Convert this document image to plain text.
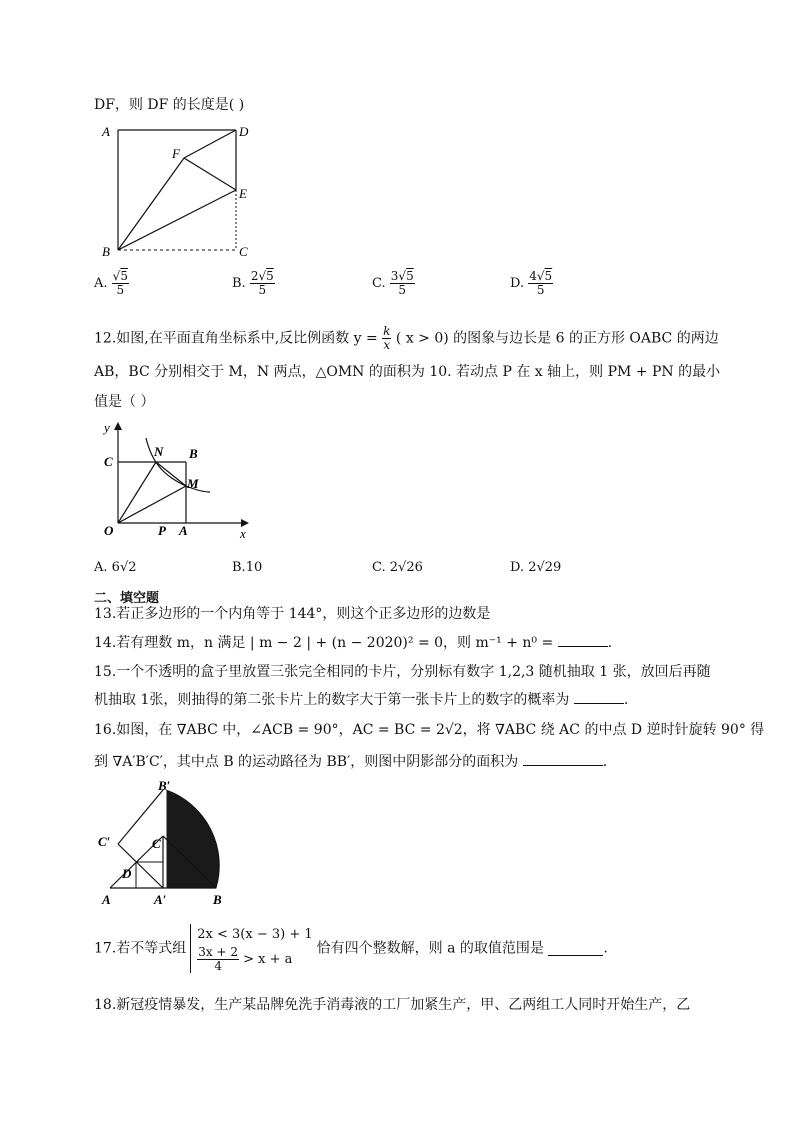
DF，则 DF 的长度是( )
A	D
F
E
B	C
A. $\frac{√5}{5}$	B. $\frac{2√5}{5}$	C. $\frac{3√5}{5}$	D. $\frac{4√5}{5}$
12.如图,在平面直角坐标系中,反比例函数 $y = \frac{k}{x}$ ( x > 0) 的图象与边长是 6 的正方形 OABC 的两边
AB，BC 分别相交于 M，N 两点，△OMN 的面积为 10. 若动点 P 在 x 轴上，则 PM + PN 的最小
值是（ ）
y
x
C
N B
M
O	P A
A. 6√2	B.10	C. 2√26	D. 2√29
二、填空题
13.若正多边形的一个内角等于 144°，则这个正多边形的边数是
14.若有理数 m，n 满足 | m − 2 | + (n − 2020)² = 0，则 m⁻¹ + n⁰ =	.
15.一个不透明的盒子里放置三张完全相同的卡片，分别标有数字 1,2,3 随机抽取 1 张，放回后再随
机抽取 1张，则抽得的第二张卡片上的数字大于第一张卡片上的数字的概率为	.
16.如图，在 ∇ABC 中，∠ACB = 90°，AC = BC = 2√2，将 ∇ABC 绕 AC 的中点 D 逆时针旋转 90° 得
到 ∇A′B′C′，其中点 B 的运动路径为 BB′，则图中阴影部分的面积为	.
B′
C′	C
D
A	A′	B
17.若不等式组
2x < 3(x − 3) + 1
$\frac{3x + 2}{4} > x + a$
恰有四个整数解，则 a 的取值范围是	.
18.新冠疫情暴发，生产某品牌免洗手消毒液的工厂加紧生产，甲、乙两组工人同时开始生产，乙
